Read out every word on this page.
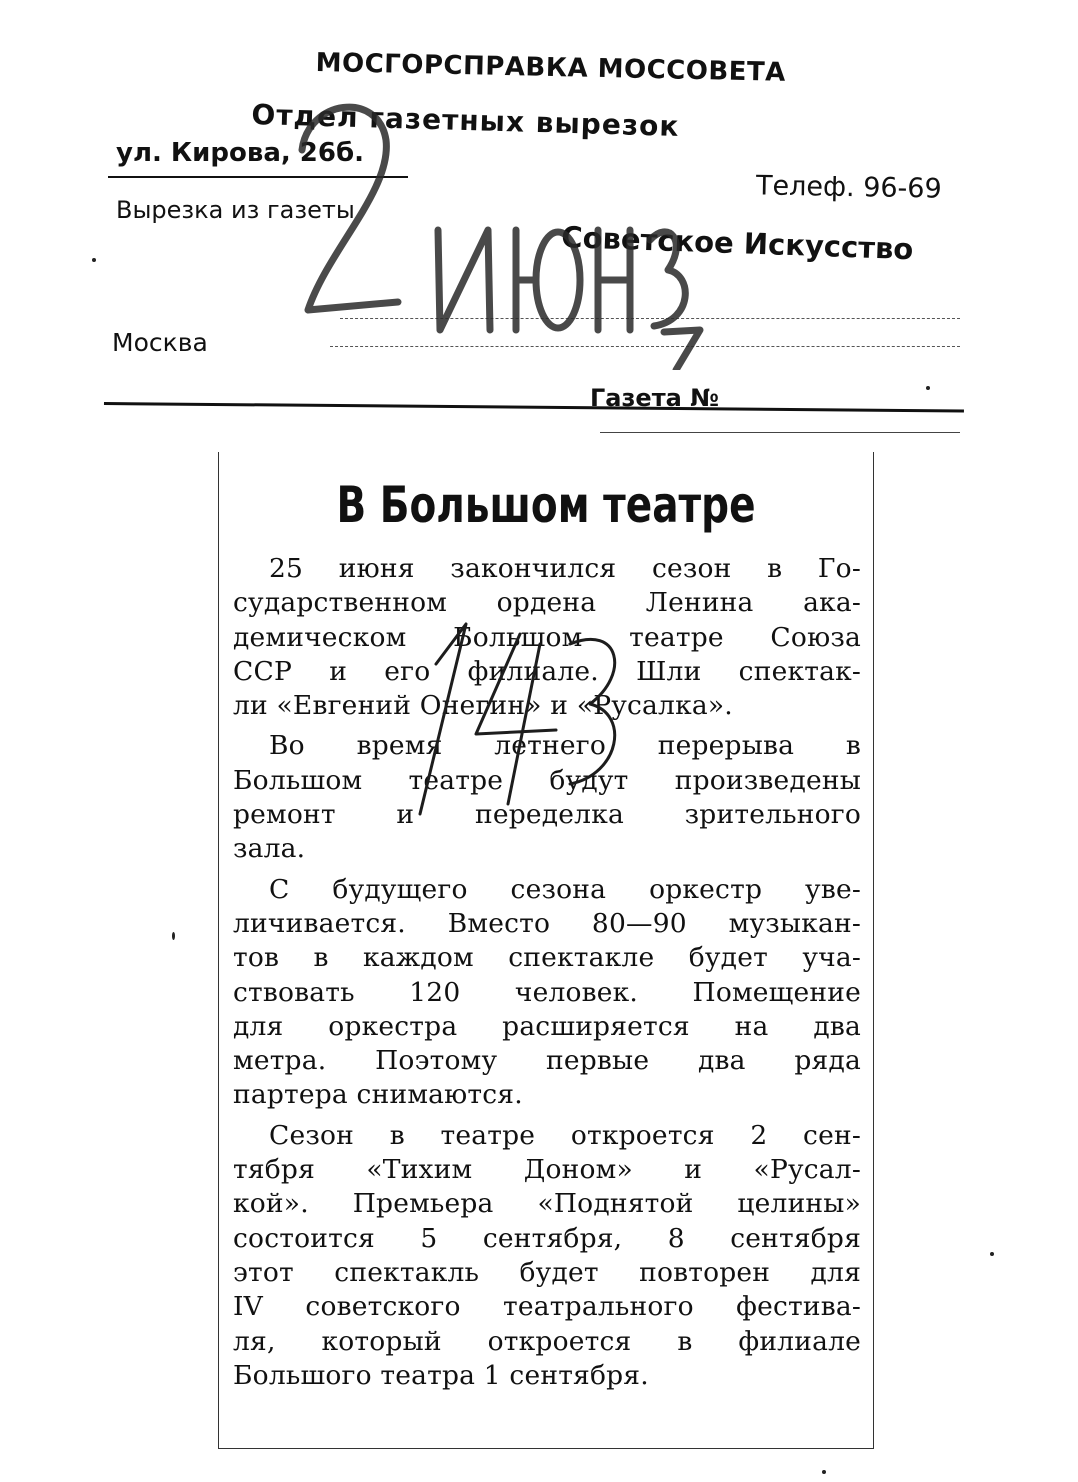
МОСГОРСПРАВКА МОССОВЕТА
Отдел газетных вырезок
ул. Кирова, 26б.
Телеф. 96-69
Вырезка из газеты
Советское Искусство
Москва
Газета №
В Большом театре
25 июня закончился сезон в Го-
сударственном ордена Ленина ака-
демическом Большом театре Союза
ССР и его филиале. Шли спектак-
ли «Евгений Онегин» и «Русалка».
Во время летнего перерыва в
Большом театре будут произведены
ремонт и переделка зрительного
зала.
С будущего сезона оркестр уве-
личивается. Вместо 80—90 музыкан-
тов в каждом спектакле будет уча-
ствовать 120 человек. Помещение
для оркестра расширяется на два
метра. Поэтому первые два ряда
партера снимаются.
Сезон в театре откроется 2 сен-
тября «Тихим Доном» и «Русал-
кой». Премьера «Поднятой целины»
состоится 5 сентября, 8 сентября
этот спектакль будет повторен для
IV советского театрального фестива-
ля, который откроется в филиале
Большого театра 1 сентября.
